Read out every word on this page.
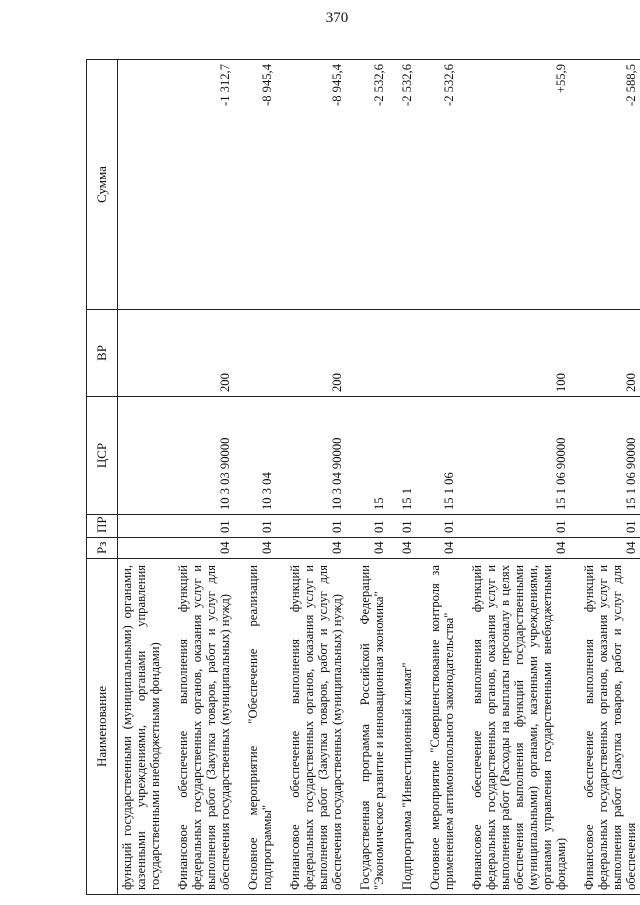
370
Наименование	Рз	ПР	ЦСР	ВР	Сумма
функций государственными (муниципальными) органами, казенными учреждениями, органами управления государственными внебюджетными фондами)					

Финансовое обеспечение выполнения функций федеральных государственных органов, оказания услуг и выполнения работ (Закупка товаров, работ и услуг для обеспечения государственных (муниципальных) нужд)	04	01	10 3 03 90000	200	-1 312,7

Основное мероприятие "Обеспечение реализации подпрограммы"	04	01	10 3 04		-8 945,4

Финансовое обеспечение выполнения функций федеральных государственных органов, оказания услуг и выполнения работ (Закупка товаров, работ и услуг для обеспечения государственных (муниципальных) нужд)	04	01	10 3 04 90000	200	-8 945,4

Государственная программа Российской Федерации "Экономическое развитие и инновационная экономика"	04	01	15		-2 532,6

Подпрограмма "Инвестиционный климат"	04	01	15 1		-2 532,6

Основное мероприятие "Совершенствование контроля за применением антимонопольного законодательства"	04	01	15 1 06		-2 532,6

Финансовое обеспечение выполнения функций федеральных государственных органов, оказания услуг и выполнения работ (Расходы на выплаты персоналу в целях обеспечения выполнения функций государственными (муниципальными) органами, казенными учреждениями, органами управления государственными внебюджетными фондами)	04	01	15 1 06 90000	100	+55,9

Финансовое обеспечение выполнения функций федеральных государственных органов, оказания услуг и выполнения работ (Закупка товаров, работ и услуг для обеспечения	04	01	15 1 06 90000	200	-2 588,5
